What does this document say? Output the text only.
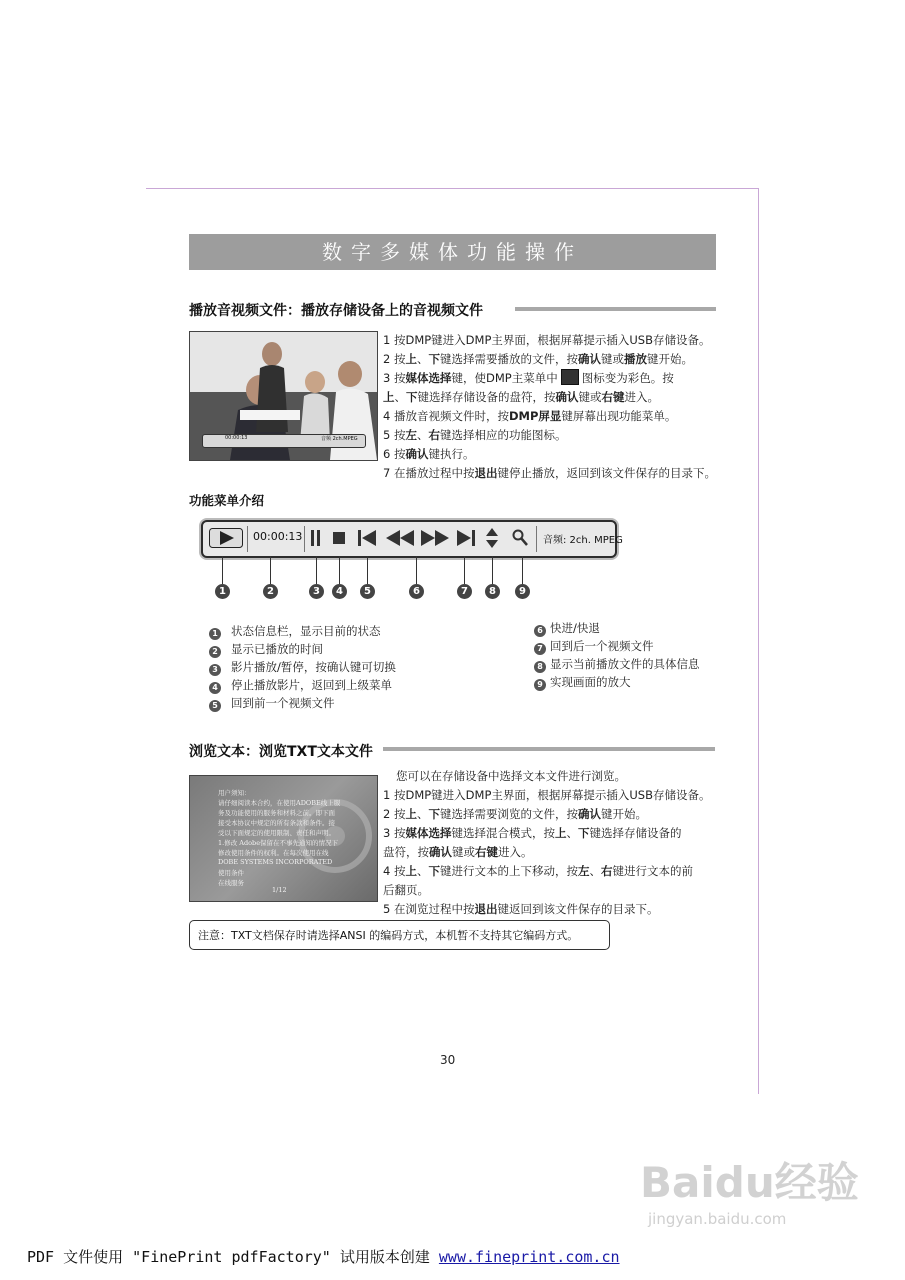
数字多媒体功能操作
播放音视频文件：播放存储设备上的音视频文件
00:00:13	音频 2ch.MPEG
1 按DMP键进入DMP主界面，根据屏幕提示插入USB存储设备。
2 按上、下键选择需要播放的文件，按确认键或播放键开始。
3 按媒体选择键，使DMP主菜单中 图标变为彩色。按
上、下键选择存储设备的盘符，按确认键或右键进入。
4 播放音视频文件时，按DMP屏显键屏幕出现功能菜单。
5 按左、右键选择相应的功能图标。
6 按确认键执行。
7 在播放过程中按退出键停止播放，返回到该文件保存的目录下。
功能菜单介绍
00:00:13	音频: 2ch. MPEG
1	2	3	4	5	6	7	8	9
1 状态信息栏，显示目前的状态
2 显示已播放的时间
3 影片播放/暂停，按确认键可切换
4 停止播放影片，返回到上级菜单
5 回到前一个视频文件
6 快进/快退
7 回到后一个视频文件
8 显示当前播放文件的具体信息
9 实现画面的放大
浏览文本：浏览TXT文本文件
用户须知：
请仔细阅读本合约，在使用ADOBE线上服
务及功能使用的服务和材料之前。即下面
接受本协议中规定的所有条款和条件。接
受以下面规定的使用限制、责任和声明。
1.修改 Adobe保留在不事先通知的情况下
修改使用条件的权利。在每次使用在线
DOBE SYSTEMS INCORPORATED
使用条件
在线服务
1/12
您可以在存储设备中选择文本文件进行浏览。
1 按DMP键进入DMP主界面，根据屏幕提示插入USB存储设备。
2 按上、下键选择需要浏览的文件，按确认键开始。
3 按媒体选择键选择混合模式，按上、下键选择存储设备的
盘符，按确认键或右键进入。
4 按上、下键进行文本的上下移动，按左、右键进行文本的前
后翻页。
5 在浏览过程中按退出键返回到该文件保存的目录下。
注意：TXT文档保存时请选择ANSI 的编码方式，本机暂不支持其它编码方式。
30
Baidu经验
jingyan.baidu.com
PDF 文件使用 "FinePrint pdfFactory" 试用版本创建 www.fineprint.com.cn
